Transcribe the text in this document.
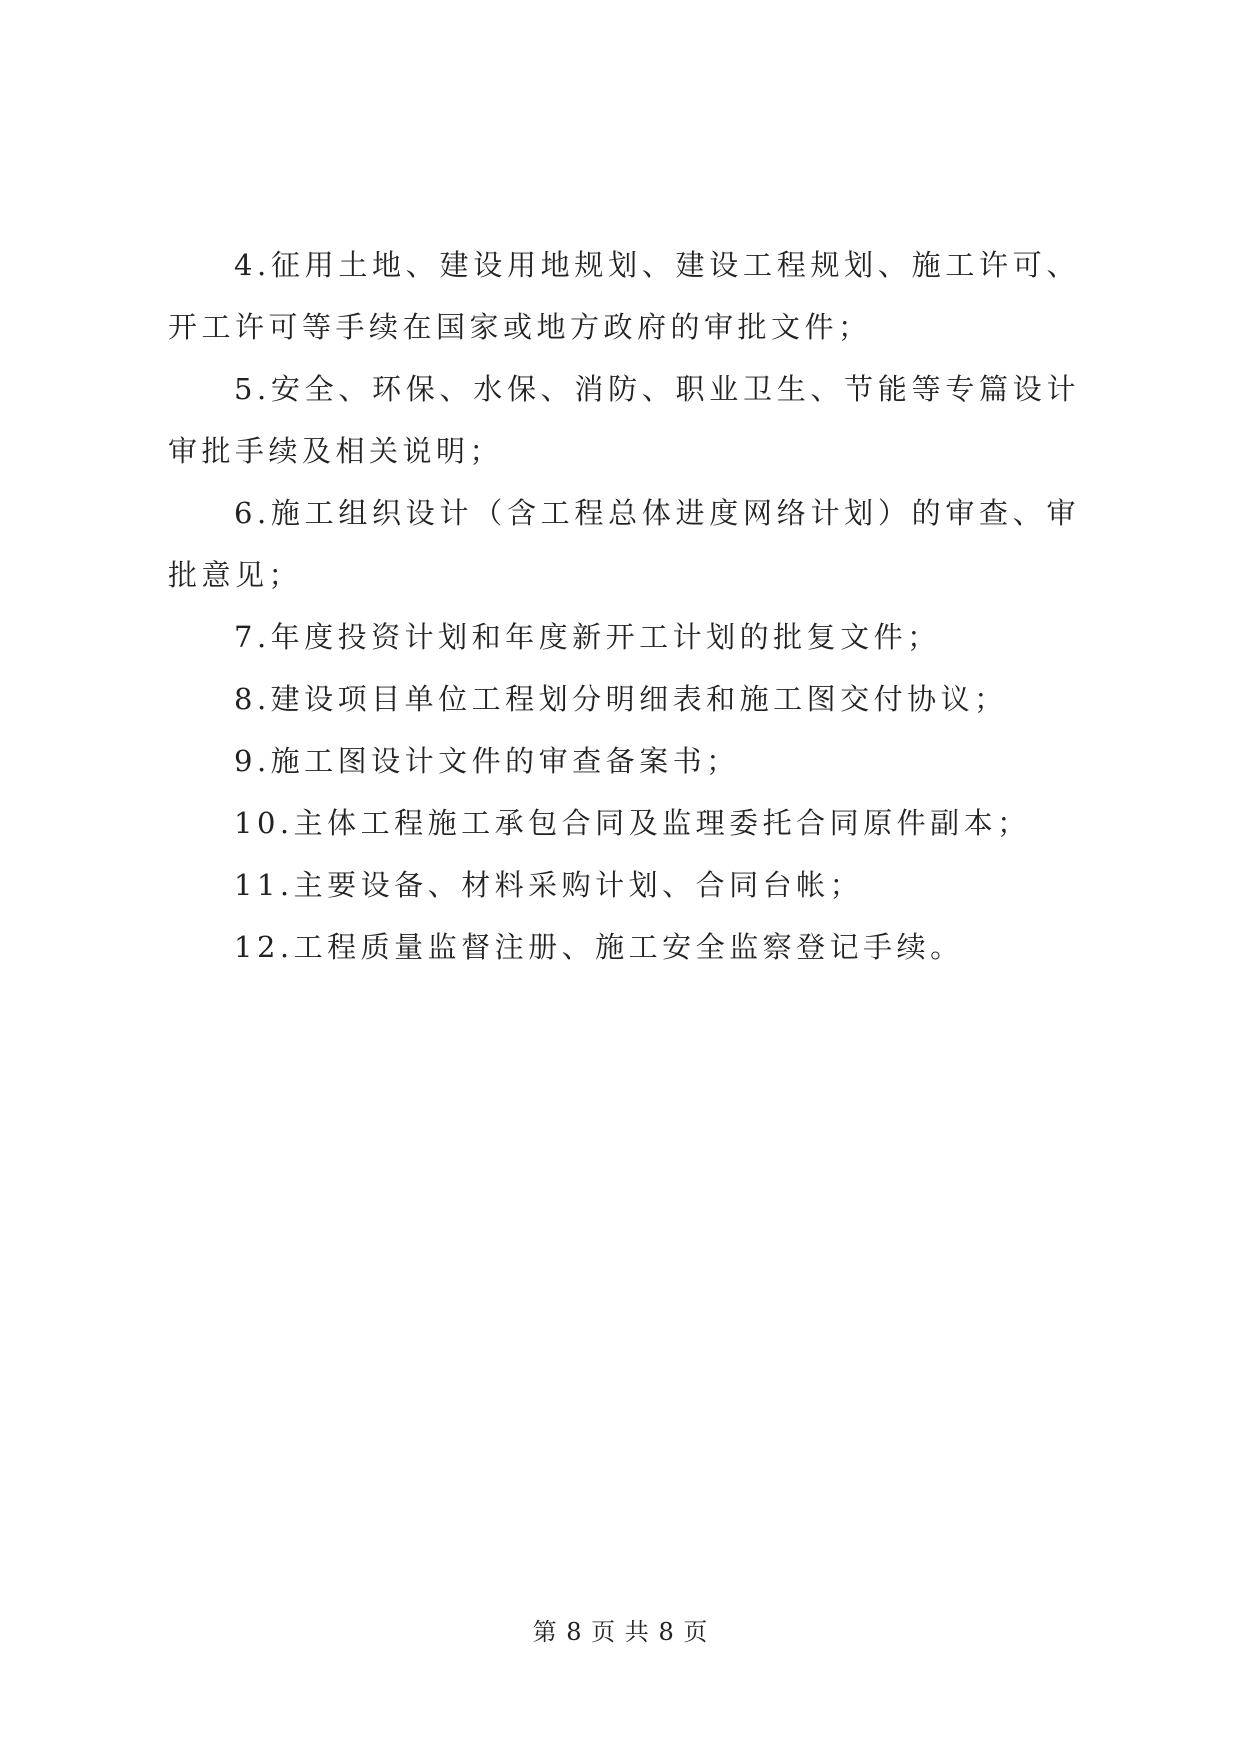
4.征用土地、建设用地规划、建设工程规划、施工许可、开工许可等手续在国家或地方政府的审批文件；

5.安全、环保、水保、消防、职业卫生、节能等专篇设计审批手续及相关说明；

6.施工组织设计（含工程总体进度网络计划）的审查、审批意见；

7.年度投资计划和年度新开工计划的批复文件；

8.建设项目单位工程划分明细表和施工图交付协议；

9.施工图设计文件的审查备案书；

10.主体工程施工承包合同及监理委托合同原件副本；

11.主要设备、材料采购计划、合同台帐；

12.工程质量监督注册、施工安全监察登记手续。

第 8 页 共 8 页
